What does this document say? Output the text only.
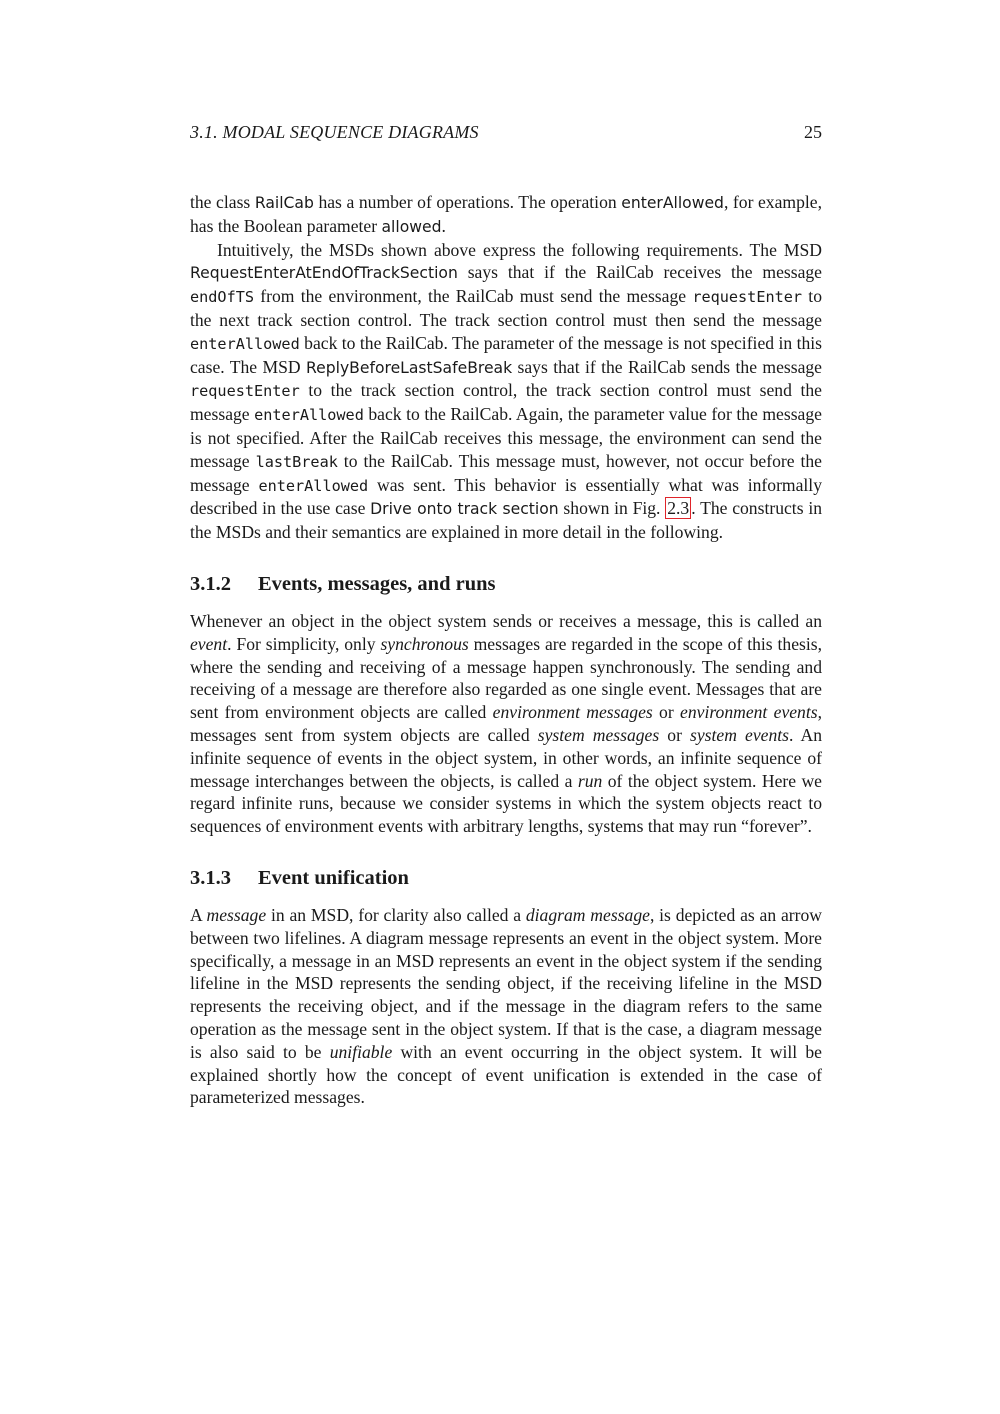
3.1. MODAL SEQUENCE DIAGRAMS	25

the class RailCab has a number of operations. The operation enterAllowed, for example, has the Boolean parameter allowed.

Intuitively, the MSDs shown above express the following requirements. The MSD RequestEnterAtEndOfTrackSection says that if the RailCab receives the message endOfTS from the environment, the RailCab must send the message requestEnter to the next track section control. The track section control must then send the message enterAllowed back to the RailCab. The parameter of the message is not specified in this case. The MSD ReplyBeforeLastSafeBreak says that if the RailCab sends the message requestEnter to the track section control, the track section control must send the message enterAllowed back to the RailCab. Again, the parameter value for the message is not specified. After the RailCab receives this message, the environment can send the message lastBreak to the RailCab. This message must, however, not occur before the message enterAllowed was sent. This behavior is essentially what was informally described in the use case Drive onto track section shown in Fig. 2.3 . The constructs in the MSDs and their semantics are explained in more detail in the following.

3.1.2 Events, messages, and runs

Whenever an object in the object system sends or receives a message, this is called an event. For simplicity, only synchronous messages are regarded in the scope of this thesis, where the sending and receiving of a message happen synchronously. The sending and receiving of a message are therefore also regarded as one single event. Messages that are sent from environment objects are called environment messages or environment events, messages sent from system objects are called system messages or system events. An infinite sequence of events in the object system, in other words, an infinite sequence of message interchanges between the objects, is called a run of the object system. Here we regard infinite runs, because we consider systems in which the system objects react to sequences of environment events with arbitrary lengths, systems that may run “forever”.

3.1.3 Event unification

A message in an MSD, for clarity also called a diagram message, is depicted as an arrow between two lifelines. A diagram message represents an event in the object system. More specifically, a message in an MSD represents an event in the object system if the sending lifeline in the MSD represents the sending object, if the receiving lifeline in the MSD represents the receiving object, and if the message in the diagram refers to the same operation as the message sent in the object system. If that is the case, a diagram message is also said to be unifiable with an event occurring in the object system. It will be explained shortly how the concept of event unification is extended in the case of parameterized messages.
